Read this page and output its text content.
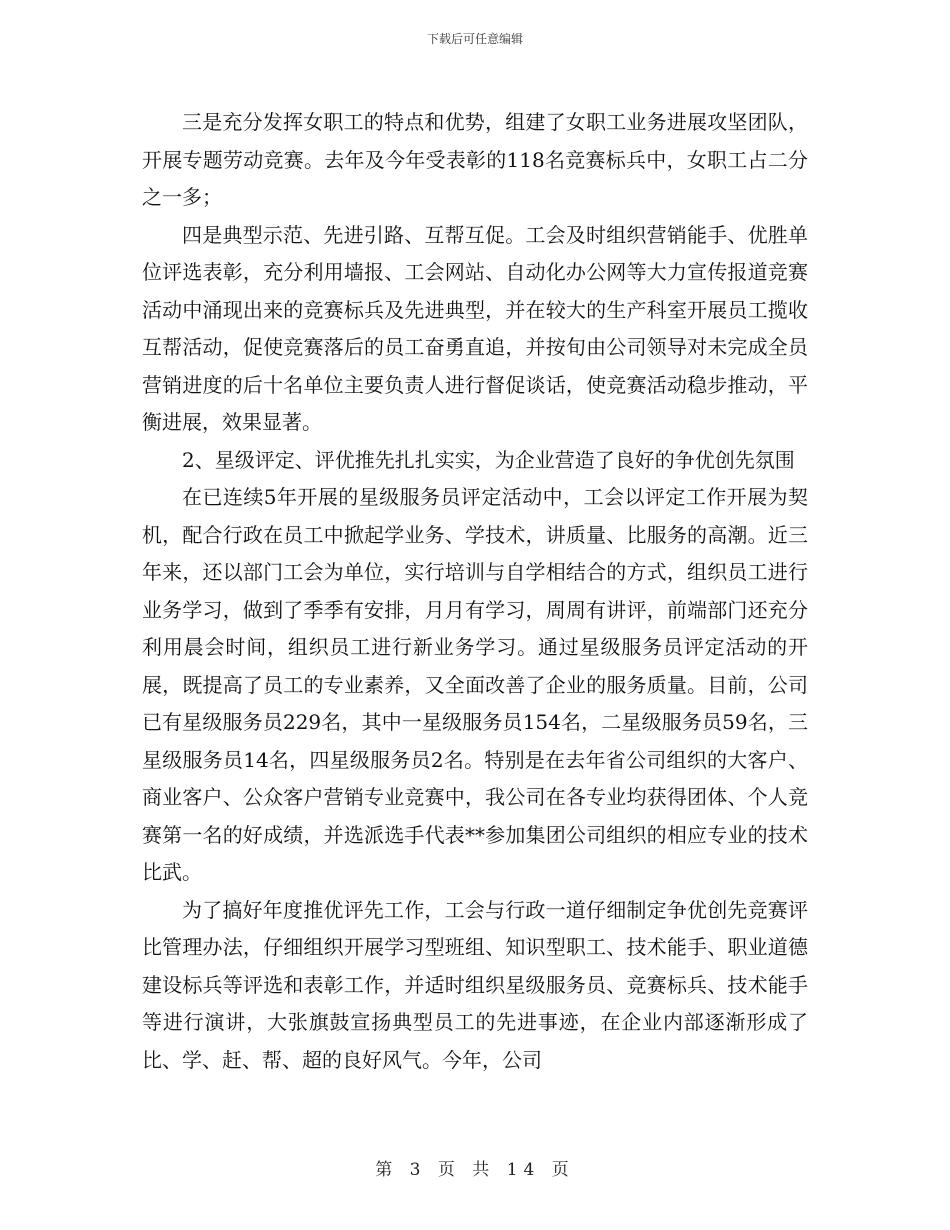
下载后可任意编辑

三是充分发挥女职工的特点和优势，组建了女职工业务进展攻坚团队，开展专题劳动竞赛。去年及今年受表彰的118名竞赛标兵中，女职工占二分之一多；

四是典型示范、先进引路、互帮互促。工会及时组织营销能手、优胜单位评选表彰，充分利用墙报、工会网站、自动化办公网等大力宣传报道竞赛活动中涌现出来的竞赛标兵及先进典型，并在较大的生产科室开展员工揽收互帮活动，促使竞赛落后的员工奋勇直追，并按旬由公司领导对未完成全员营销进度的后十名单位主要负责人进行督促谈话，使竞赛活动稳步推动，平衡进展，效果显著。

2、星级评定、评优推先扎扎实实，为企业营造了良好的争优创先氛围

在已连续5年开展的星级服务员评定活动中，工会以评定工作开展为契机，配合行政在员工中掀起学业务、学技术，讲质量、比服务的高潮。近三年来，还以部门工会为单位，实行培训与自学相结合的方式，组织员工进行业务学习，做到了季季有安排，月月有学习，周周有讲评，前端部门还充分利用晨会时间，组织员工进行新业务学习。通过星级服务员评定活动的开展，既提高了员工的专业素养，又全面改善了企业的服务质量。目前，公司已有星级服务员229名，其中一星级服务员154名，二星级服务员59名，三星级服务员14名，四星级服务员2名。特别是在去年省公司组织的大客户、商业客户、公众客户营销专业竞赛中，我公司在各专业均获得团体、个人竞赛第一名的好成绩，并选派选手代表**参加集团公司组织的相应专业的技术比武。

为了搞好年度推优评先工作，工会与行政一道仔细制定争优创先竞赛评比管理办法，仔细组织开展学习型班组、知识型职工、技术能手、职业道德建设标兵等评选和表彰工作，并适时组织星级服务员、竞赛标兵、技术能手等进行演讲，大张旗鼓宣扬典型员工的先进事迹，在企业内部逐渐形成了比、学、赶、帮、超的良好风气。今年，公司

第 3 页 共 14 页
